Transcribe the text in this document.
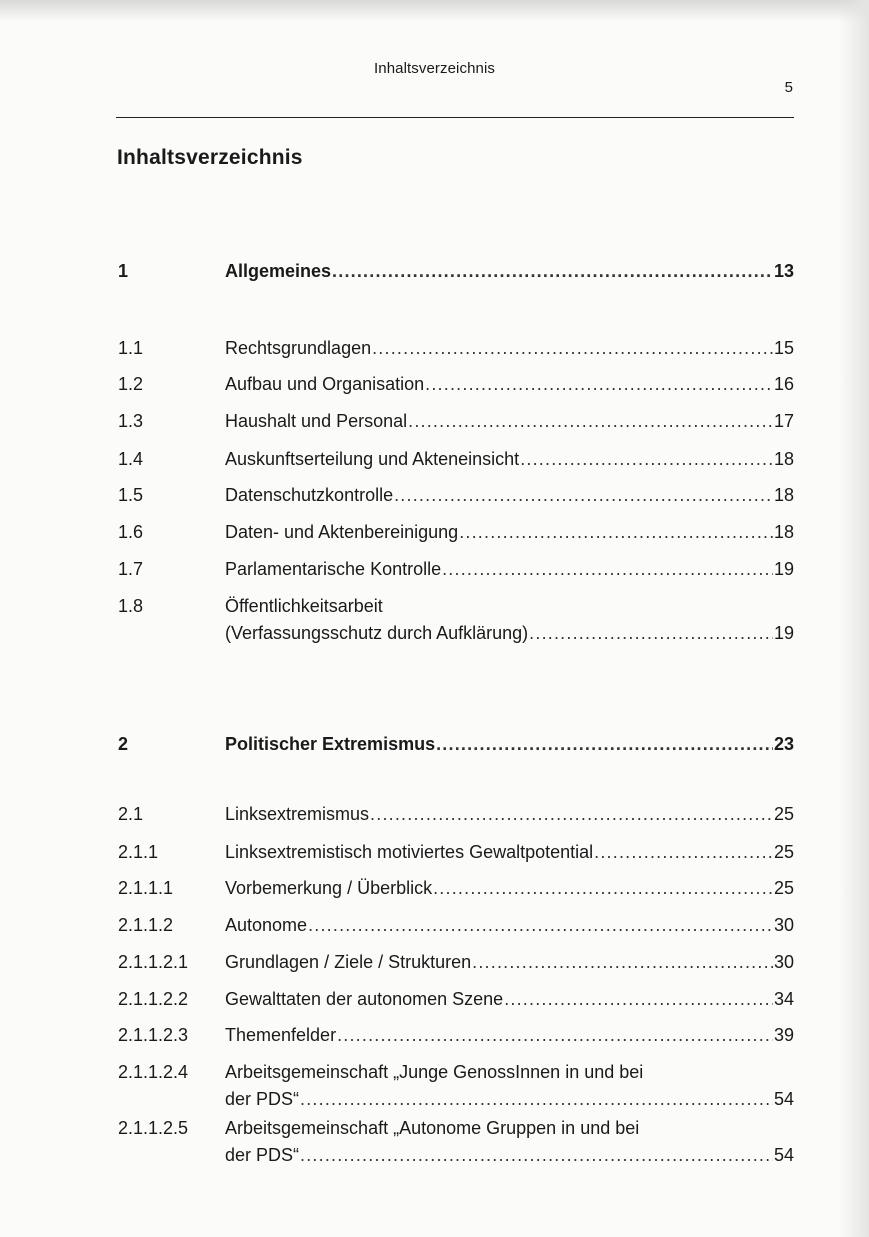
Inhaltsverzeichnis
5
Inhaltsverzeichnis
1	Allgemeines .....	13
1.1	Rechtsgrundlagen .....	15
1.2	Aufbau und Organisation .....	16
1.3	Haushalt und Personal .....	17
1.4	Auskunftserteilung und Akteneinsicht .....	18
1.5	Datenschutzkontrolle .....	18
1.6	Daten- und Aktenbereinigung .....	18
1.7	Parlamentarische Kontrolle .....	19
1.8	Öffentlichkeitsarbeit
(Verfassungsschutz durch Aufklärung) .....	19
2	Politischer Extremismus .....	23
2.1	Linksextremismus .....	25
2.1.1	Linksextremistisch motiviertes Gewaltpotential .....	25
2.1.1.1	Vorbemerkung / Überblick .....	25
2.1.1.2	Autonome .....	30
2.1.1.2.1 Grundlagen / Ziele / Strukturen .....	30
2.1.1.2.2 Gewalttaten der autonomen Szene .....	34
2.1.1.2.3 Themenfelder .....	39
2.1.1.2.4 Arbeitsgemeinschaft „Junge GenossInnen in und bei
der PDS“ .....	54
2.1.1.2.5 Arbeitsgemeinschaft „Autonome Gruppen in und bei
der PDS“ .....	54
